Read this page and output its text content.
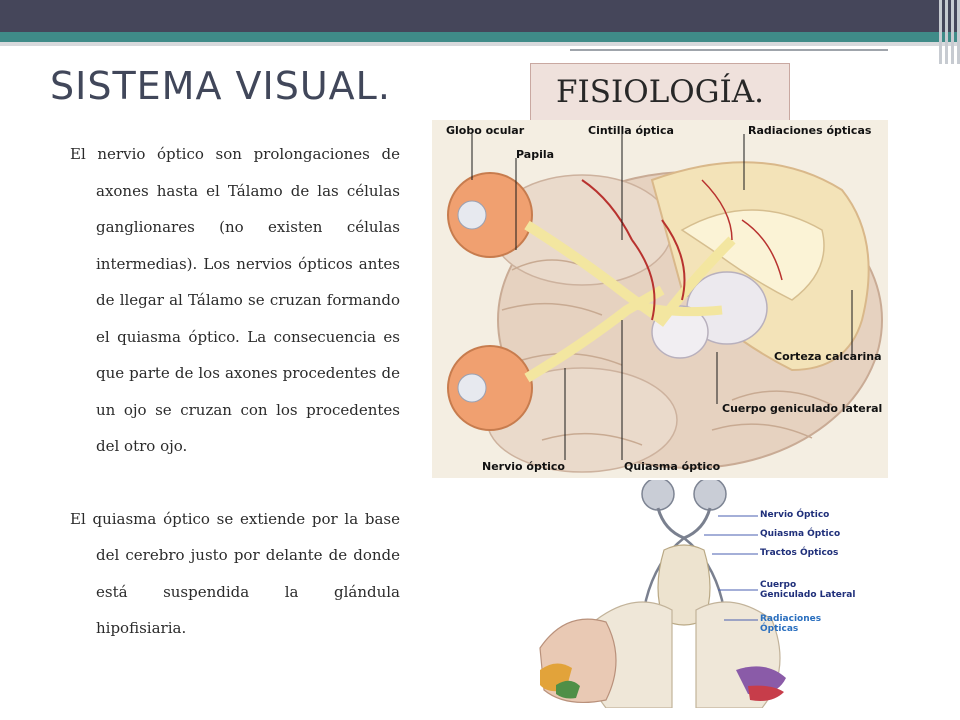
SISTEMA VISUAL.	FISIOLOGÍA.

El nervio óptico son prolongaciones de axones hasta el Tálamo de las células ganglionares (no existen células intermedias). Los nervios ópticos antes de llegar al Tálamo se cruzan formando el quiasma óptico. La consecuencia es que parte de los axones procedentes de un ojo se cruzan con los procedentes del otro ojo.

El quiasma óptico se extiende por la base del cerebro justo por delante de donde está suspendida la glándula hipofisiaria.

Globo ocular
Papila
Cintilla óptica	Radiaciones ópticas
Corteza calcarina
Cuerpo geniculado lateral
Nervio óptico	Quiasma óptico
Nervio Óptico
Quiasma Óptico
Tractos Ópticos
Cuerpo
Geniculado Lateral
Radiaciones Ópticas
